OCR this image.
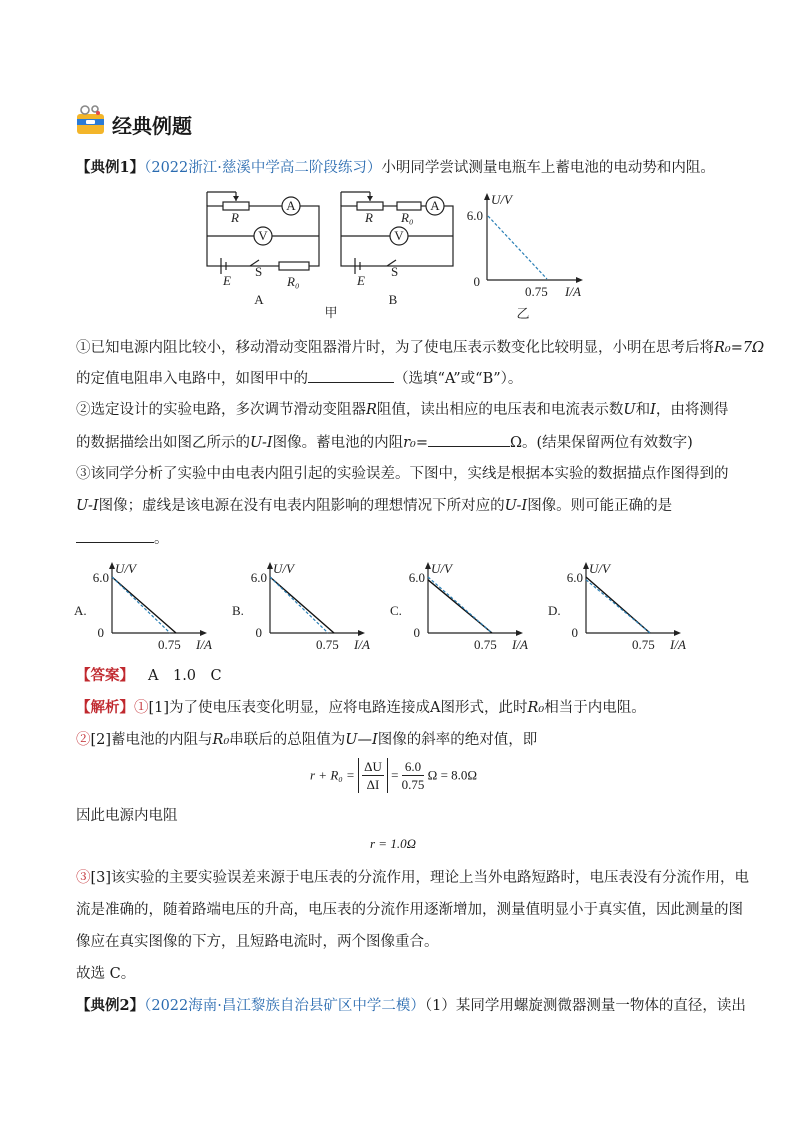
经典例题
【典例1】（2022浙江·慈溪中学高二阶段练习）小明同学尝试测量电瓶车上蓄电池的电动势和内阻。
A
V
R
E
S
R₀
A
A
V
R R₀
E
S
B
甲
U/V
6.0
0
0.75 I/A
乙
①已知电源内阻比较小，移动滑动变阻器滑片时，为了使电压表示数变化比较明显，小明在思考后将R₀=7Ω
的定值电阻串入电路中，如图甲中的	（选填“A”或“B”）。
②选定设计的实验电路，多次调节滑动变阻器R阻值，读出相应的电压表和电流表示数U和I，由将测得
的数据描绘出如图乙所示的U-I图像。蓄电池的内阻r₀=	Ω。(结果保留两位有效数字)
③该同学分析了实验中由电表内阻引起的实验误差。下图中，实线是根据本实验的数据描点作图得到的
U-I图像；虚线是该电源在没有电表内阻影响的理想情况下所对应的U-I图像。则可能正确的是
。
A.
U/V
6.0
0
0.75 I/A
B.
U/V
6.0
0
0.75 I/A
C.
U/V
6.0
0
0.75 I/A
D.
U/V
6.0
0
0.75 I/A
【答案】 A　1.0　C
【解析】①[1]为了使电压表变化明显，应将电路连接成A图形式，此时R₀相当于内电阻。
②[2]蓄电池的内阻与R₀串联后的总阻值为U—I图像的斜率的绝对值，即
$r + R_0 = \frac{\Delta U}{\Delta I} = \frac{6.0}{0.75}$ Ω = 8.0Ω
因此电源内电阻
r = 1.0Ω
③[3]该实验的主要实验误差来源于电压表的分流作用，理论上当外电路短路时，电压表没有分流作用，电
流是准确的，随着路端电压的升高，电压表的分流作用逐渐增加，测量值明显小于真实值，因此测量的图
像应在真实图像的下方，且短路电流时，两个图像重合。
故选 C。
【典例2】（2022海南·昌江黎族自治县矿区中学二模）（1）某同学用螺旋测微器测量一物体的直径，读出
